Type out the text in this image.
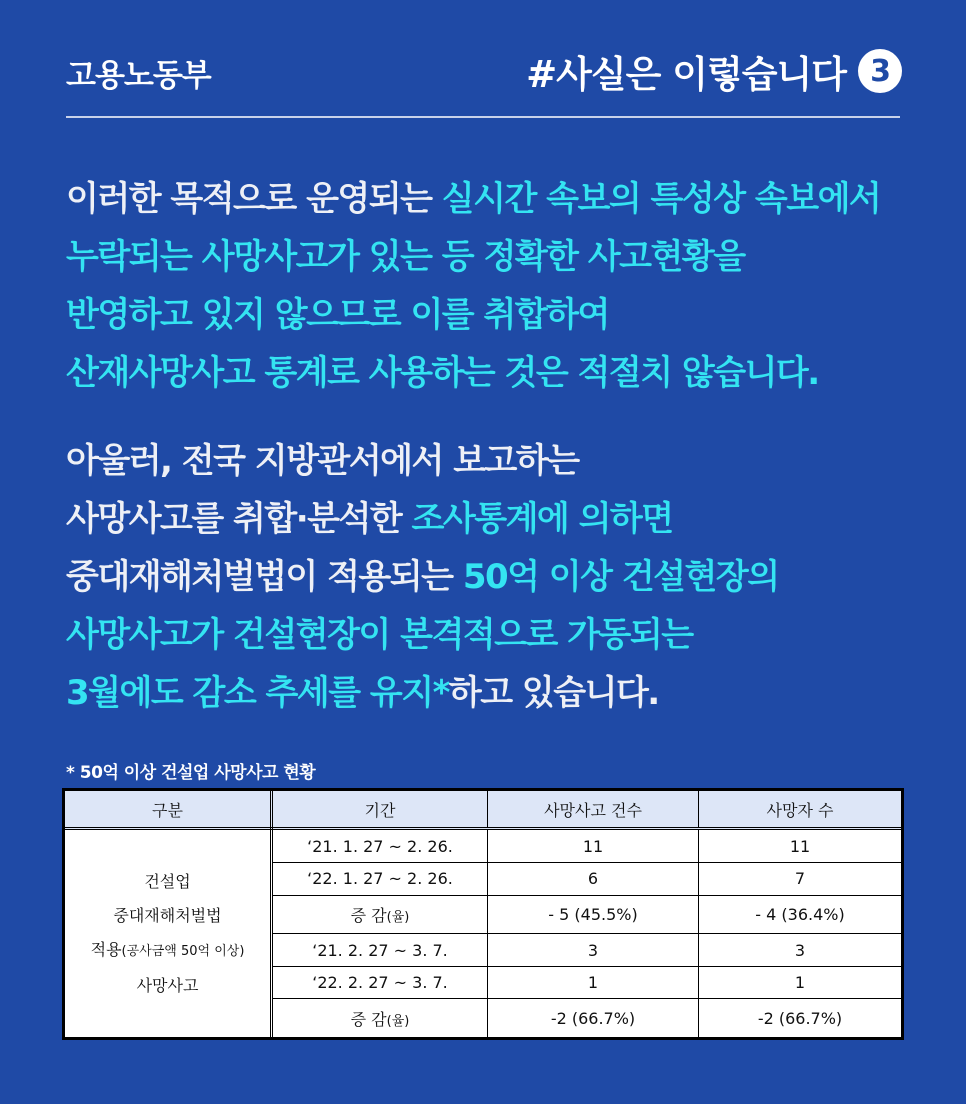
고용노동부	#사실은 이렇습니다 3
이러한 목적으로 운영되는 실시간 속보의 특성상 속보에서
누락되는 사망사고가 있는 등 정확한 사고현황을
반영하고 있지 않으므로 이를 취합하여
산재사망사고 통계로 사용하는 것은 적절치 않습니다.
아울러, 전국 지방관서에서 보고하는
사망사고를 취합·분석한 조사통계에 의하면
중대재해처벌법이 적용되는 50억 이상 건설현장의
사망사고가 건설현장이 본격적으로 가동되는
3월에도 감소 추세를 유지*하고 있습니다.
* 50억 이상 건설업 사망사고 현황
구분	기간	사망사고 건수	사망자 수

건설업
중대재해처벌법
적용(공사금액 50억 이상)
사망사고	‘21. 1. 27 ~ 2. 26.	11	11
	‘22. 1. 27 ~ 2. 26.	6	7
	증 감(율)	- 5 (45.5%)	- 4 (36.4%)
	‘21. 2. 27 ~ 3. 7.	3	3
	‘22. 2. 27 ~ 3. 7.	1	1
	증 감(율)	-2 (66.7%)	-2 (66.7%)
